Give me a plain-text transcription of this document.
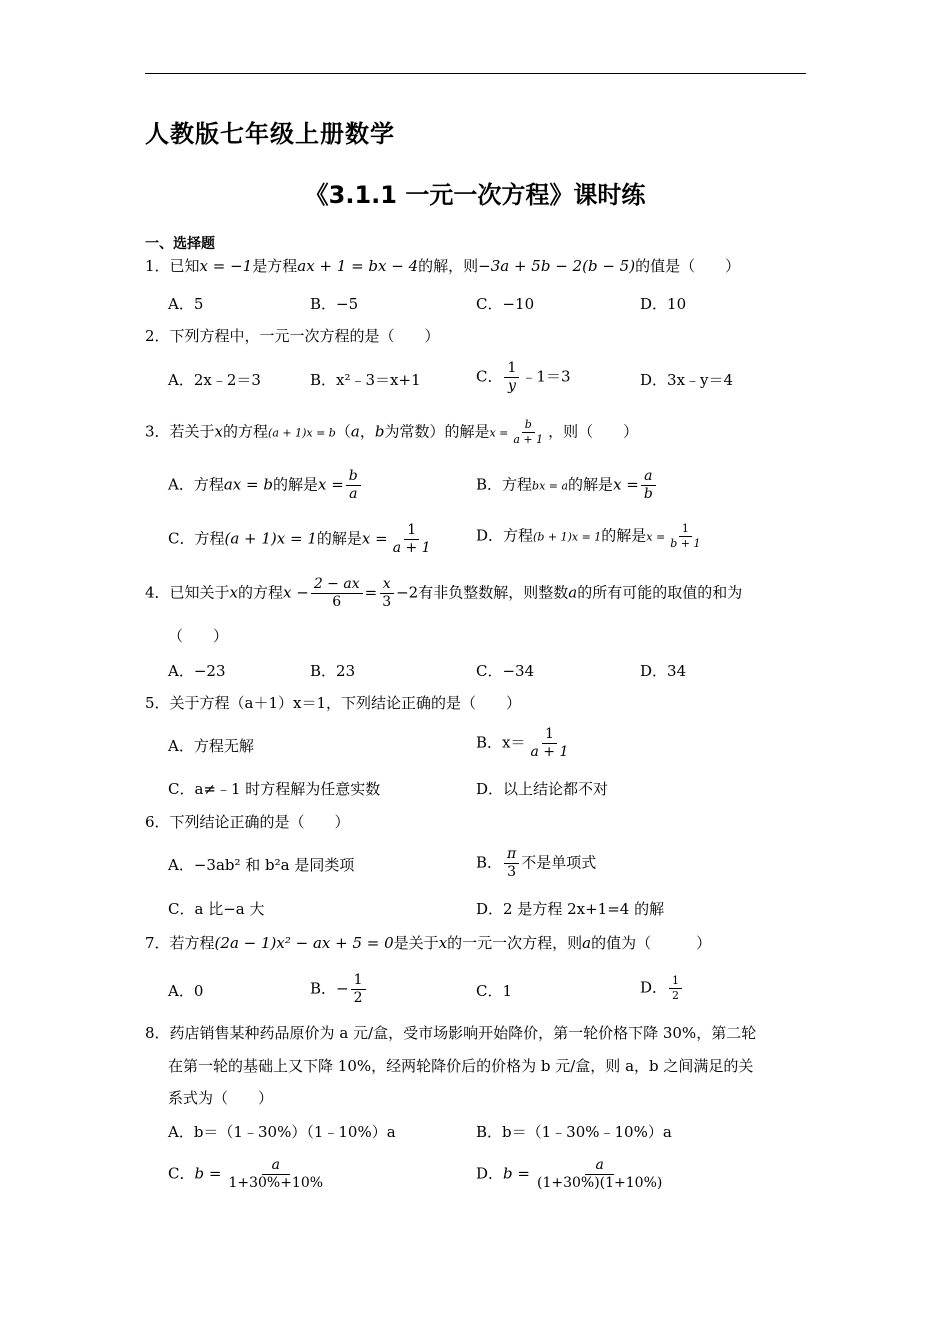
人教版七年级上册数学
《3.1.1 一元一次方程》课时练
一、选择题
1．已知x = −1是方程ax + 1 = bx − 4的解，则−3a + 5b − 2(b − 5)的值是（　　）
A．5	B．−5	C．−10	D．10
2．下列方程中，一元一次方程的是（　　）
A．2x﹣2＝3	B．x²﹣3＝x+1	C． $\frac{1}{y}$ ﹣1＝3	D．3x﹣y＝4
3．若关于x的方程(a + 1)x = b（a，b为常数）的解是$x = \frac{b}{a + 1}$ ，则（　　）
A．方程ax = b的解是$x = \frac{b}{a}$	B．方程bx = a的解是$x = \frac{a}{b}$
C．方程(a + 1)x = 1的解是$x = \frac{1}{a + 1}$	D．方程(b + 1)x = 1的解是$x = \frac{1}{b + 1}$
4．已知关于x的方程$x - \frac{2 - ax}{6} = \frac{x}{3} -2$有非负整数解，则整数a的所有可能的取值的和为
（　　）
A．−23	B．23	C．−34	D．34
5．关于方程（a＋1）x＝1，下列结论正确的是（　　）
A．方程无解	B．$x= \frac{1}{a + 1}$
C．a≠﹣1 时方程解为任意实数	D．以上结论都不对
6．下列结论正确的是（　　）
A．−3ab² 和 b²a 是同类项	B． $\frac{\pi}{3}$ 不是单项式
C．a 比−a 大	D．2 是方程 2x+1=4 的解
7．若方程(2a − 1)x² − ax + 5 = 0是关于x的一元一次方程，则a的值为（　　　）
A．0	B．− $\frac{1}{2}$	C．1	D． $\frac{1}{2}$
8．药店销售某种药品原价为 a 元/盒，受市场影响开始降价，第一轮价格下降 30%，第二轮
在第一轮的基础上又下降 10%，经两轮降价后的价格为 b 元/盒，则 a，b 之间满足的关
系式为（　　）
A．b＝（1﹣30%）（1﹣10%）a	B．b＝（1﹣30%﹣10%）a
C．$b = \frac{a}{1+30\%+10\%}$	D．$b = \frac{a}{(1+30\%)(1+10\%)}$
